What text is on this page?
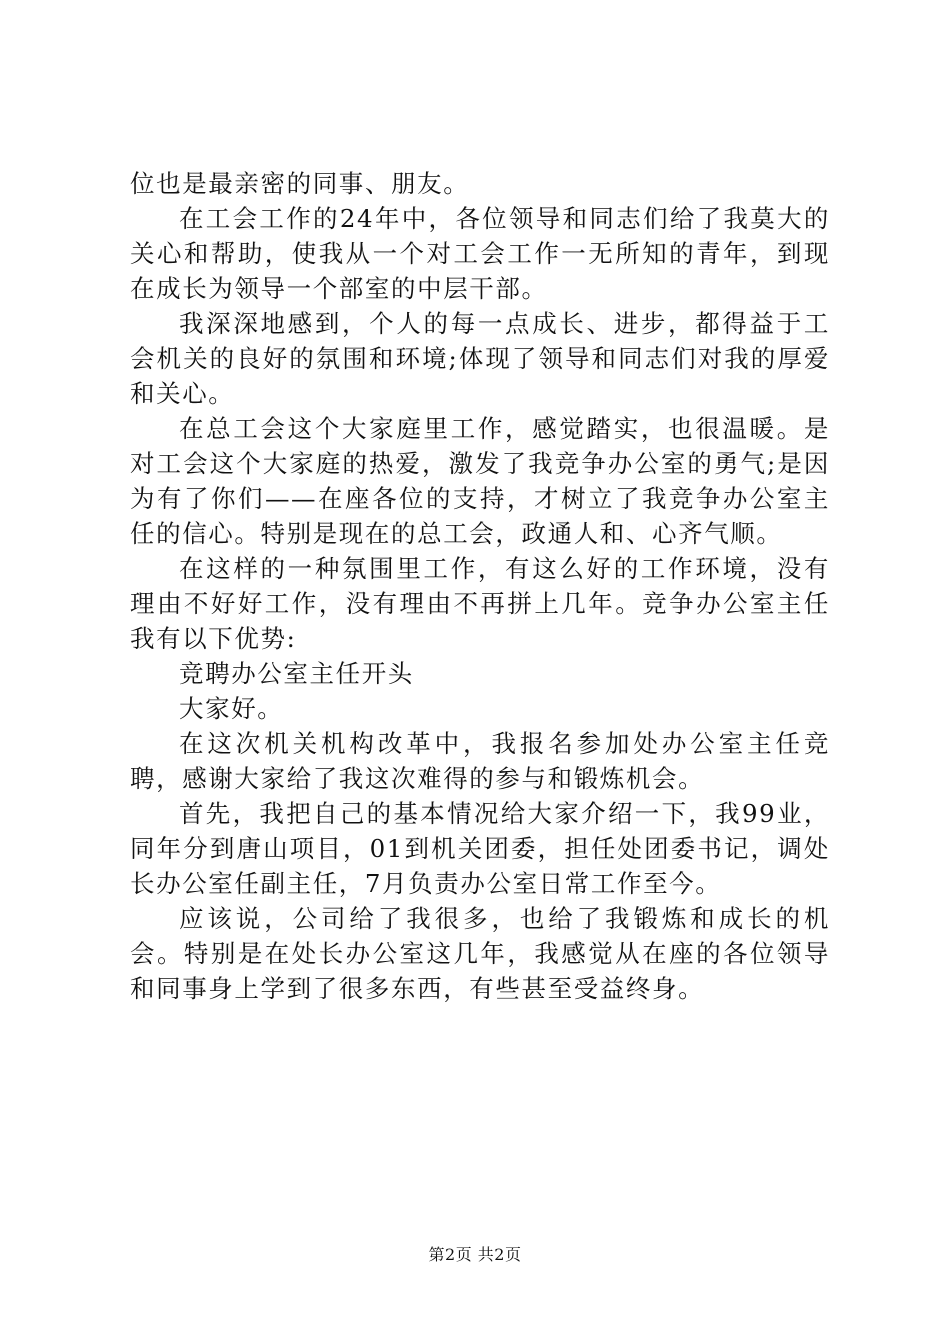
位也是最亲密的同事、朋友。

在工会工作的24年中，各位领导和同志们给了我莫大的关心和帮助，使我从一个对工会工作一无所知的青年，到现在成长为领导一个部室的中层干部。

我深深地感到，个人的每一点成长、进步，都得益于工会机关的良好的氛围和环境;体现了领导和同志们对我的厚爱和关心。

在总工会这个大家庭里工作，感觉踏实，也很温暖。是对工会这个大家庭的热爱，激发了我竞争办公室的勇气;是因为有了你们——在座各位的支持，才树立了我竞争办公室主任的信心。特别是现在的总工会，政通人和、心齐气顺。

在这样的一种氛围里工作，有这么好的工作环境，没有理由不好好工作，没有理由不再拼上几年。竞争办公室主任我有以下优势:

竞聘办公室主任开头

大家好。

在这次机关机构改革中，我报名参加处办公室主任竞聘，感谢大家给了我这次难得的参与和锻炼机会。

首先，我把自己的基本情况给大家介绍一下，我99业，同年分到唐山项目，01到机关团委，担任处团委书记，调处长办公室任副主任，7月负责办公室日常工作至今。

应该说，公司给了我很多，也给了我锻炼和成长的机会。特别是在处长办公室这几年，我感觉从在座的各位领导和同事身上学到了很多东西，有些甚至受益终身。

第2页 共2页
